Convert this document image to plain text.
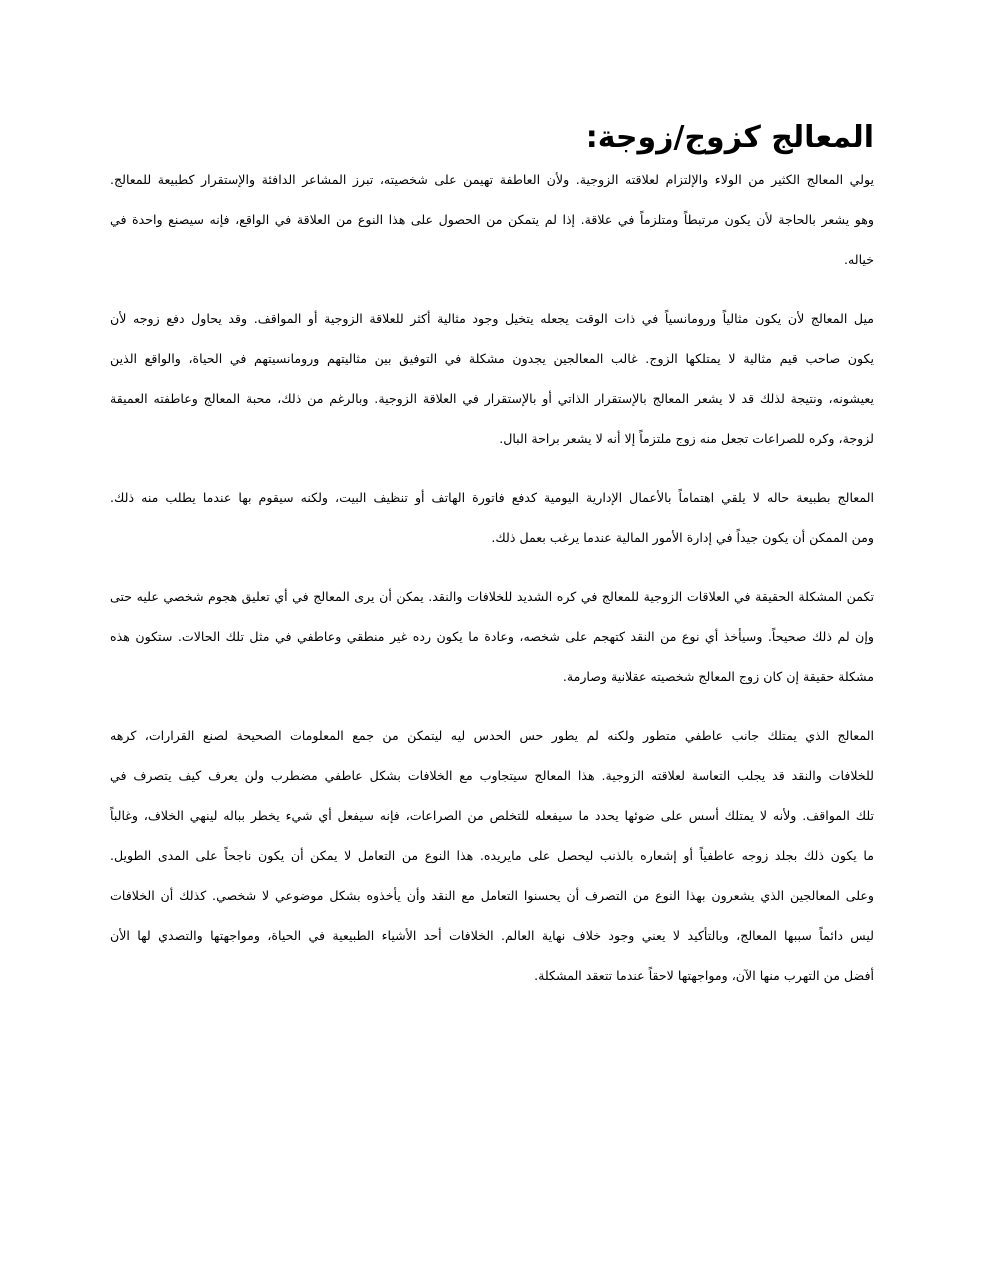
المعالج كزوج/زوجة:
يولي المعالج الكثير من الولاء والإلتزام لعلاقته الزوجية. ولأن العاطفة تهيمن على شخصيته، تبرز المشاعر الدافئة والإستقرار كطبيعة للمعالج.
وهو يشعر بالحاجة لأن يكون مرتبطاً ومتلزماً في علاقة. إذا لم يتمكن من الحصول على هذا النوع من العلاقة في الواقع، فإنه سيصنع واحدة في
خياله.
ميل المعالج لأن يكون مثالياً ورومانسياً في ذات الوقت يجعله يتخيل وجود مثالية أكثر للعلاقة الزوجية أو المواقف. وقد يحاول دفع زوجه لأن
يكون صاحب قيم مثالية لا يمتلكها الزوج. غالب المعالجين يجدون مشكلة في التوفيق بين مثاليتهم ورومانسيتهم في الحياة، والواقع الذين
يعيشونه، ونتيجة لذلك قد لا يشعر المعالج بالإستقرار الذاتي أو بالإستقرار في العلاقة الزوجية. وبالرغم من ذلك، محبة المعالج وعاطفته العميقة
لزوجة، وكره للصراعات تجعل منه زوج ملتزماً إلا أنه لا يشعر براحة البال.
المعالج بطبيعة حاله لا يلقي اهتماماً بالأعمال الإدارية اليومية كدفع فاتورة الهاتف أو تنظيف البيت، ولكنه سيقوم بها عندما يطلب منه ذلك.
ومن الممكن أن يكون جيداً في إدارة الأمور المالية عندما يرغب بعمل ذلك.
تكمن المشكلة الحقيقة في العلاقات الزوجية للمعالج في كره الشديد للخلافات والنقد. يمكن أن يرى المعالج في أي تعليق هجوم شخصي عليه حتى
وإن لم ذلك صحيحاً. وسيأخذ أي نوع من النقد كتهجم على شخصه، وعادة ما يكون رده غير منطقي وعاطفي في مثل تلك الحالات. ستكون هذه
مشكلة حقيقة إن كان زوج المعالج شخصيته عقلانية وصارمة.
المعالج الذي يمتلك جانب عاطفي متطور ولكنه لم يطور حس الحدس ليه ليتمكن من جمع المعلومات الصحيحة لصنع القرارات، كرهه
للخلافات والنقد قد يجلب التعاسة لعلاقته الزوجية. هذا المعالج سيتجاوب مع الخلافات بشكل عاطفي مضطرب ولن يعرف كيف يتصرف في
تلك المواقف. ولأنه لا يمتلك أسس على ضوئها يحدد ما سيفعله للتخلص من الصراعات، فإنه سيفعل أي شيء يخطر بباله لينهي الخلاف، وغالباً
ما يكون ذلك بجلد زوجه عاطفياً أو إشعاره بالذنب ليحصل على مايريده. هذا النوع من التعامل لا يمكن أن يكون ناجحاً على المدى الطويل.
وعلى المعالجين الذي يشعرون بهذا النوع من التصرف أن يحسنوا التعامل مع النقد وأن يأخذوه بشكل موضوعي لا شخصي. كذلك أن الخلافات
ليس دائماً سببها المعالج، وبالتأكيد لا يعني وجود خلاف نهاية العالم. الخلافات أحد الأشياء الطبيعية في الحياة، ومواجهتها والتصدي لها الأن
أفضل من التهرب منها الآن، ومواجهتها لاحقاً عندما تتعقد المشكلة.
